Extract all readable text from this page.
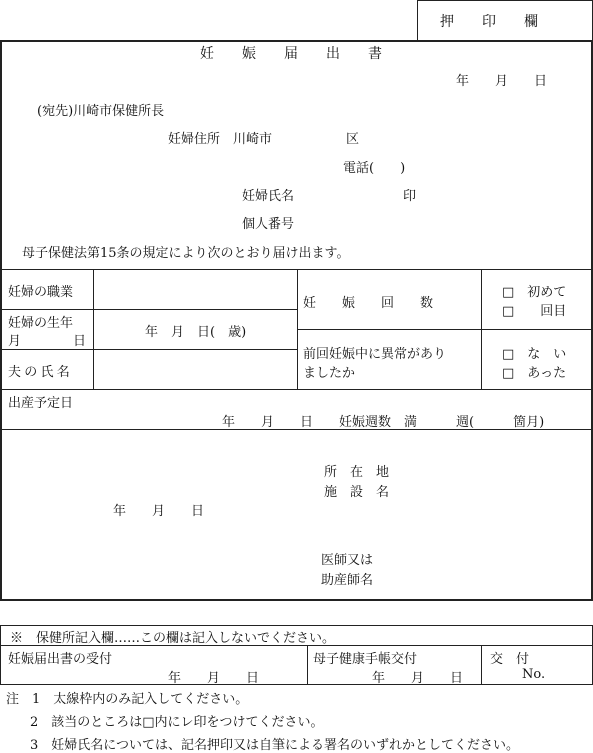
押　　印　　欄
妊　　娠　　届　　出　　書
年　　月　　日
(宛先)川崎市保健所長
妊婦住所　川崎市	区
電話(　　)
妊婦氏名	印
個人番号
母子保健法第15条の規定により次のとおり届け出ます。
妊婦の職業
妊婦の生年
月　　　　日
年　月　日(　歳)
夫の氏名
妊　　娠　　回　　数
□　初めて
□　　回目
前回妊娠中に異常があり
ましたか
□　な　い
□　あった
出産予定日
年　　月　　日　　妊娠週数　満　　　週(　　　箇月)
年　　月　　日
所　在　地
施　設　名
医師又は
助産師名
※　保健所記入欄……この欄は記入しないでください。
妊娠届出書の受付
年　　月　　日
母子健康手帳交付
年　　月　　日
交　付
No.
注　1　太線枠内のみ記入してください。
2　該当のところは□内にレ印をつけてください。
3　妊婦氏名については、記名押印又は自筆による署名のいずれかとしてください。
